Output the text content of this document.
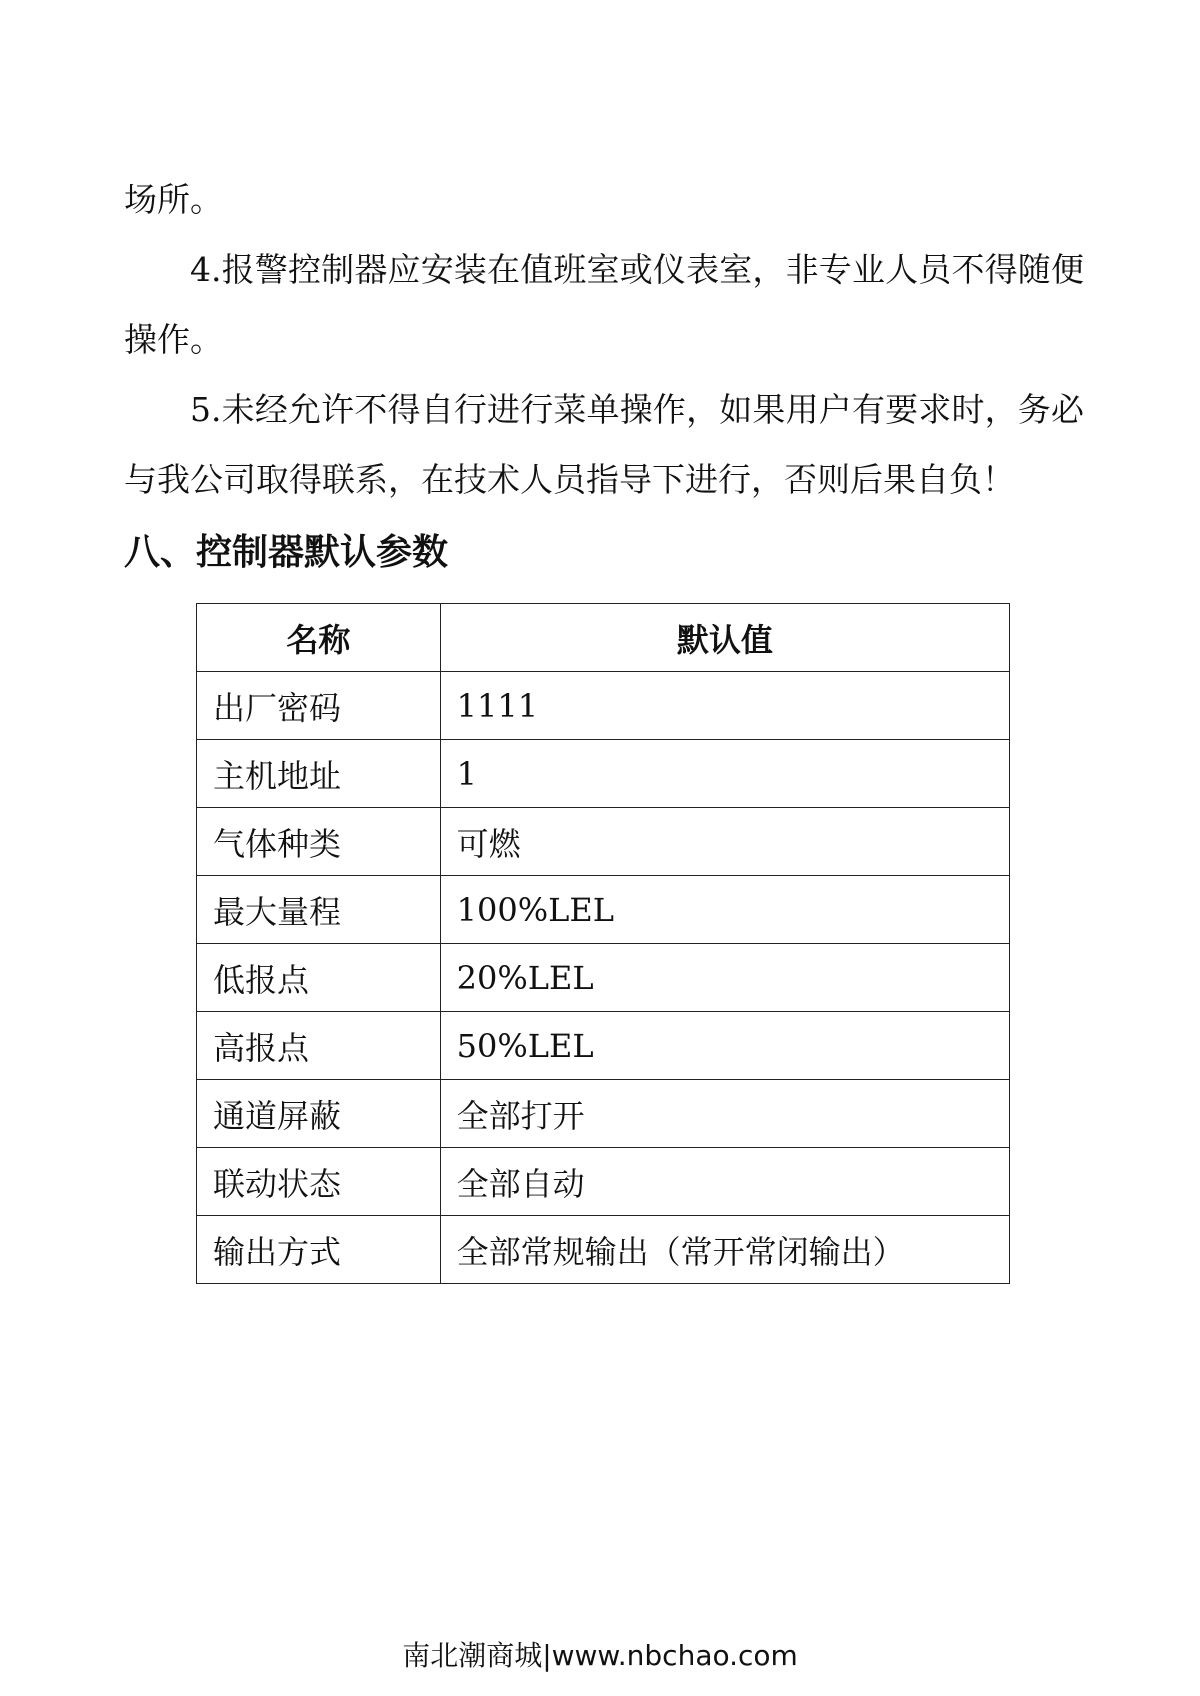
场所。

4.报警控制器应安装在值班室或仪表室，非专业人员不得随便操作。

5.未经允许不得自行进行菜单操作，如果用户有要求时，务必与我公司取得联系，在技术人员指导下进行，否则后果自负！

八、控制器默认参数
名称	默认值
出厂密码	1111
主机地址	1
气体种类	可燃
最大量程	100%LEL
低报点	20%LEL
高报点	50%LEL
通道屏蔽	全部打开
联动状态	全部自动
输出方式	全部常规输出（常开常闭输出）
南北潮商城|www.nbchao.com
